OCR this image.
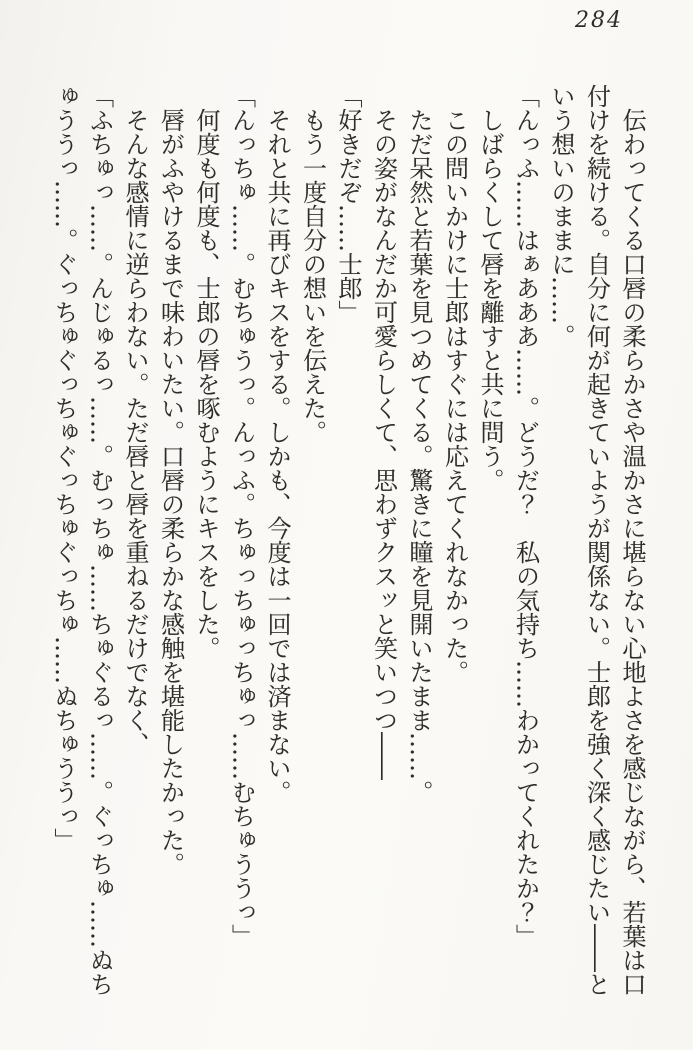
284

　伝わってくる口唇の柔らかさや温かさに堪らない心地よさを感じながら、若葉は口

付けを続ける。自分に何が起きていようが関係ない。士郎を強く深く感じたい――と

いう想いのままに……。

「んっふ……はぁあああ……。どうだ？　私の気持ち……わかってくれたか？」

　しばらくして唇を離すと共に問う。

　この問いかけに士郎はすぐには応えてくれなかった。

　ただ呆然と若葉を見つめてくる。驚きに瞳を見開いたまま……。

　その姿がなんだか可愛らしくて、思わずクスッと笑いつつ――

「好きだぞ……士郎」

　もう一度自分の想いを伝えた。

　それと共に再びキスをする。しかも、今度は一回では済まない。

「んっちゅ……。むちゅうっ。んっふ。ちゅっちゅっちゅっ……むちゅううっ」

　何度も何度も、士郎の唇を啄むようにキスをした。

　唇がふやけるまで味わいたい。口唇の柔らかな感触を堪能したかった。

　そんな感情に逆らわない。ただ唇と唇を重ねるだけでなく、

「ふちゅっ……。んじゅるっ……。むっちゅ……ちゅぐるっ……。ぐっちゅ……ぬち

ゅううっ……。ぐっちゅぐっちゅぐっちゅぐっちゅ……ぬちゅううっ」
